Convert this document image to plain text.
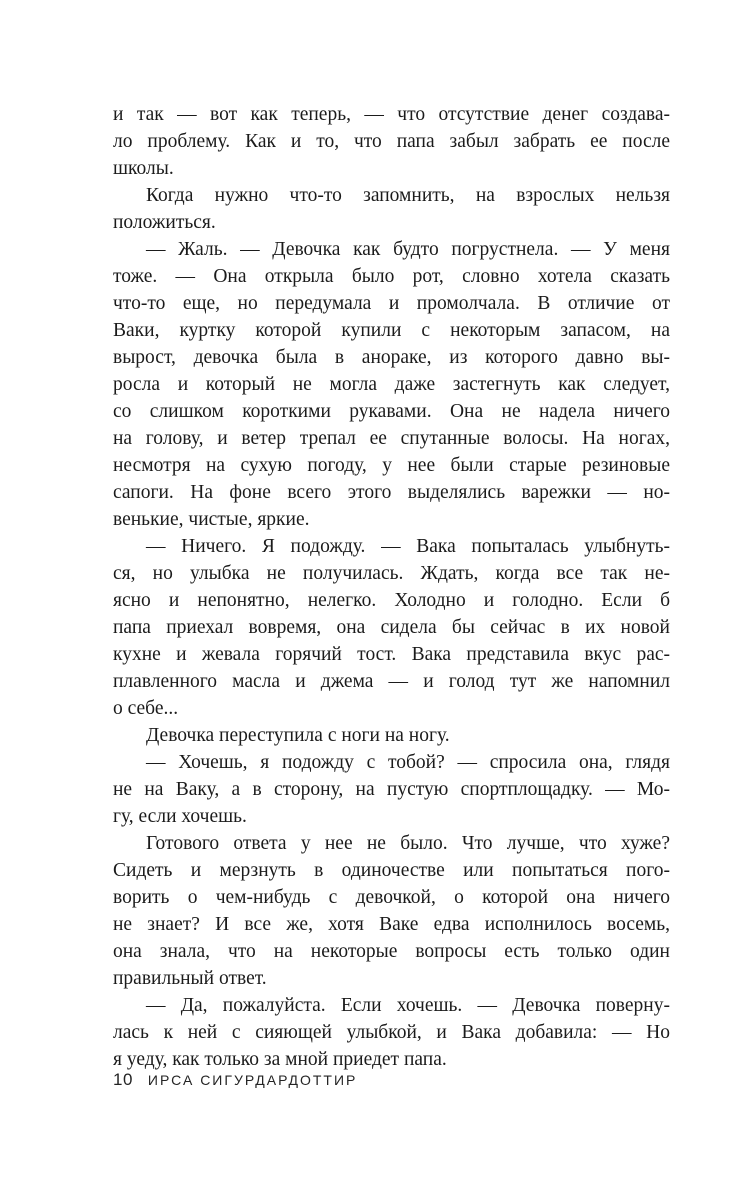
и так — вот как теперь, — что отсутствие денег создава-
ло проблему. Как и то, что папа забыл забрать ее после
школы.
Когда нужно что-то запомнить, на взрослых нельзя
положиться.
— Жаль. — Девочка как будто погрустнела. — У меня
тоже. — Она открыла было рот, словно хотела сказать
что-то еще, но передумала и промолчала. В отличие от
Ваки, куртку которой купили с некоторым запасом, на
вырост, девочка была в анораке, из которого давно вы-
росла и который не могла даже застегнуть как следует,
со слишком короткими рукавами. Она не надела ничего
на голову, и ветер трепал ее спутанные волосы. На ногах,
несмотря на сухую погоду, у нее были старые резиновые
сапоги. На фоне всего этого выделялись варежки — но-
венькие, чистые, яркие.
— Ничего. Я подожду. — Вака попыталась улыбнуть-
ся, но улыбка не получилась. Ждать, когда все так не-
ясно и непонятно, нелегко. Холодно и голодно. Если б
папа приехал вовремя, она сидела бы сейчас в их новой
кухне и жевала горячий тост. Вака представила вкус рас-
плавленного масла и джема — и голод тут же напомнил
о себе...
Девочка переступила с ноги на ногу.
— Хочешь, я подожду с тобой? — спросила она, глядя
не на Ваку, а в сторону, на пустую спортплощадку. — Мо-
гу, если хочешь.
Готового ответа у нее не было. Что лучше, что хуже?
Сидеть и мерзнуть в одиночестве или попытаться пого-
ворить о чем-нибудь с девочкой, о которой она ничего
не знает? И все же, хотя Ваке едва исполнилось восемь,
она знала, что на некоторые вопросы есть только один
правильный ответ.
— Да, пожалуйста. Если хочешь. — Девочка поверну-
лась к ней с сияющей улыбкой, и Вака добавила: — Но
я уеду, как только за мной приедет папа.
10 ИРСА СИГУРДАРДОТТИР
